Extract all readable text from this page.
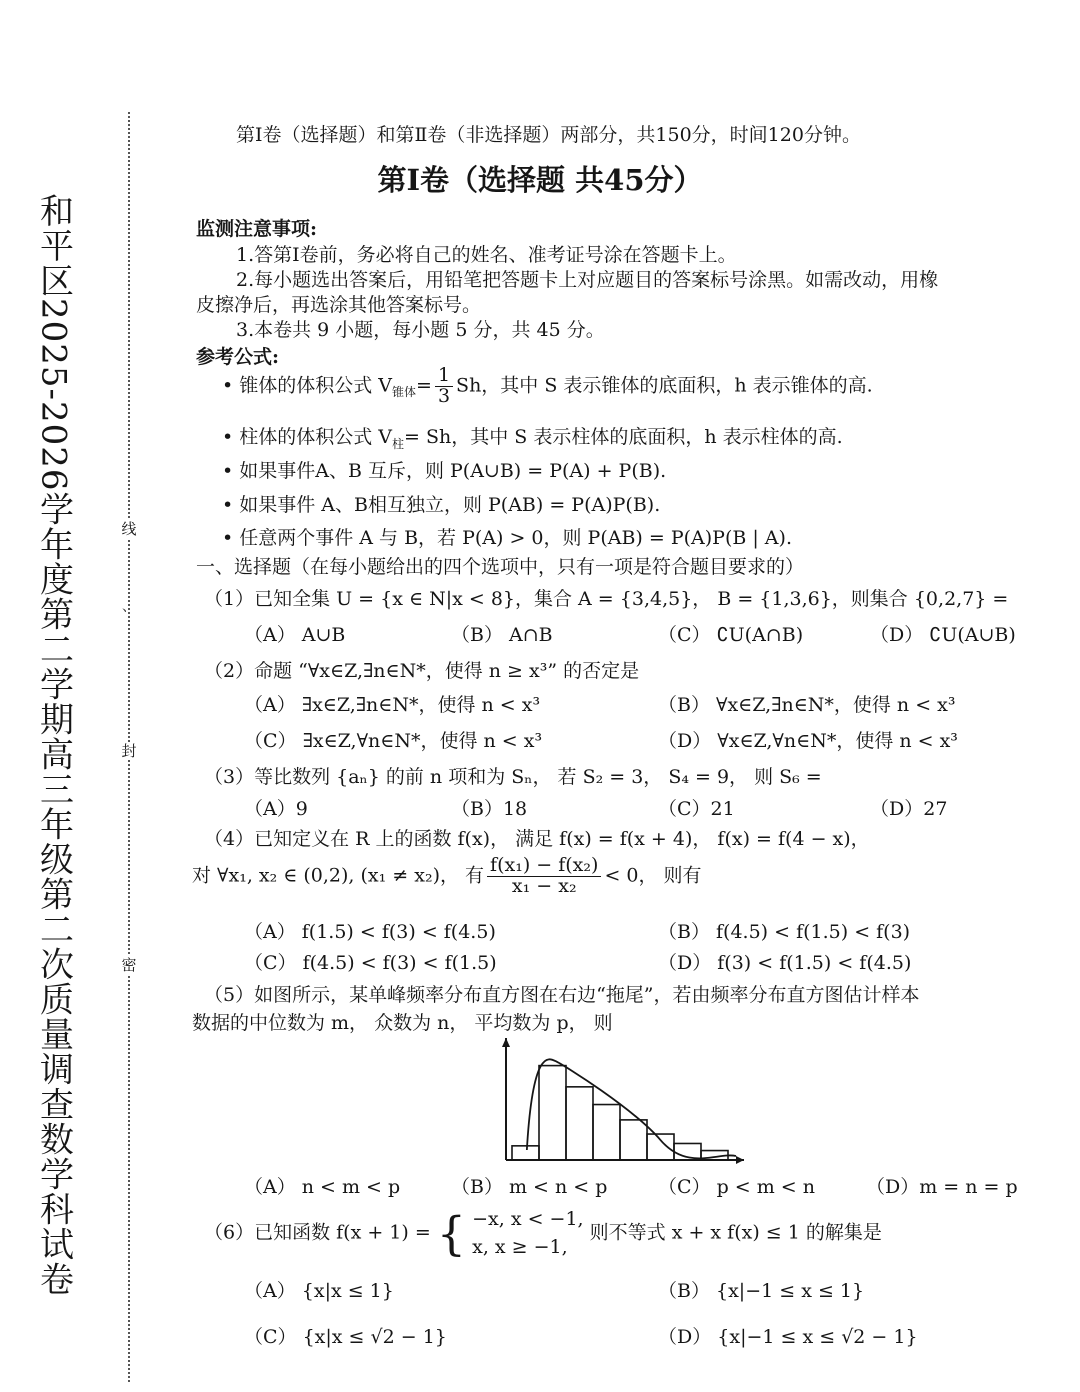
和平区2025-2026学年度第二学期高三年级第二次质量调查数学科试卷	线
、
封
密
第Ⅰ卷（选择题）和第Ⅱ卷（非选择题）两部分，共150分，时间120分钟。
第Ⅰ卷（选择题 共45分）
监测注意事项:
1.答第Ⅰ卷前，务必将自己的姓名、准考证号涂在答题卡上。
2.每小题选出答案后，用铅笔把答题卡上对应题目的答案标号涂黑。如需改动，用橡
皮擦净后，再选涂其他答案标号。
3.本卷共 9 小题，每小题 5 分，共 45 分。
参考公式:
• 锥体的体积公式 $V_{锥体}= \frac{1}{3}$ Sh，其中 S 表示锥体的底面积，h 表示锥体的高.
• 柱体的体积公式 $V_柱= Sh$，其中 S 表示柱体的底面积，h 表示柱体的高.
• 如果事件A、B 互斥，则 P(A∪B) = P(A) + P(B).
• 如果事件 A、B相互独立，则 P(AB) = P(A)P(B).
• 任意两个事件 A 与 B，若 P(A) > 0，则 P(AB) = P(A)P(B | A).
一、选择题（在每小题给出的四个选项中，只有一项是符合题目要求的）
（1）已知全集 U = {x ∈ N|x < 8}，集合 A = {3,4,5}， B = {1,3,6}，则集合 {0,2,7} =
（A） A∪B	（B） A∩B	（C） ∁U(A∩B)	（D） ∁U(A∪B)
（2）命题 “∀x∈Z,∃n∈N*，使得 n ≥ x³” 的否定是
（A） ∃x∈Z,∃n∈N*，使得 n < x³	（B） ∀x∈Z,∃n∈N*，使得 n < x³
（C） ∃x∈Z,∀n∈N*，使得 n < x³	（D） ∀x∈Z,∀n∈N*，使得 n < x³
（3）等比数列 {aₙ} 的前 n 项和为 Sₙ， 若 S₂ = 3， S₄ = 9， 则 S₆ =
（A）9	（B）18	（C）21	（D）27
（4）已知定义在 R 上的函数 f(x)， 满足 f(x) = f(x + 4)， f(x) = f(4 − x)，
对 ∀x₁, x₂ ∈ (0,2), (x₁ ≠ x₂)， 有 $\frac{\text{f(x₁) − f(x₂)}}{\text{x₁ − x₂}} < 0$， 则有
（A） f(1.5) < f(3) < f(4.5)	（B） f(4.5) < f(1.5) < f(3)
（C） f(4.5) < f(3) < f(1.5)	（D） f(3) < f(1.5) < f(4.5)
（5）如图所示，某单峰频率分布直方图在右边“拖尾”，若由频率分布直方图估计样本
数据的中位数为 m， 众数为 n， 平均数为 p， 则
（A） n < m < p	（B） m < n < p	（C） p < m < n	（D）m = n = p
（6）已知函数 f(x + 1) = { −x, x < −1,
x, x ≥ −1,
则不等式 x + x f(x) ≤ 1 的解集是
（A） {x|x ≤ 1}	（B） {x|−1 ≤ x ≤ 1}
（C） {x|x ≤ √2 − 1}	（D） {x|−1 ≤ x ≤ √2 − 1}
